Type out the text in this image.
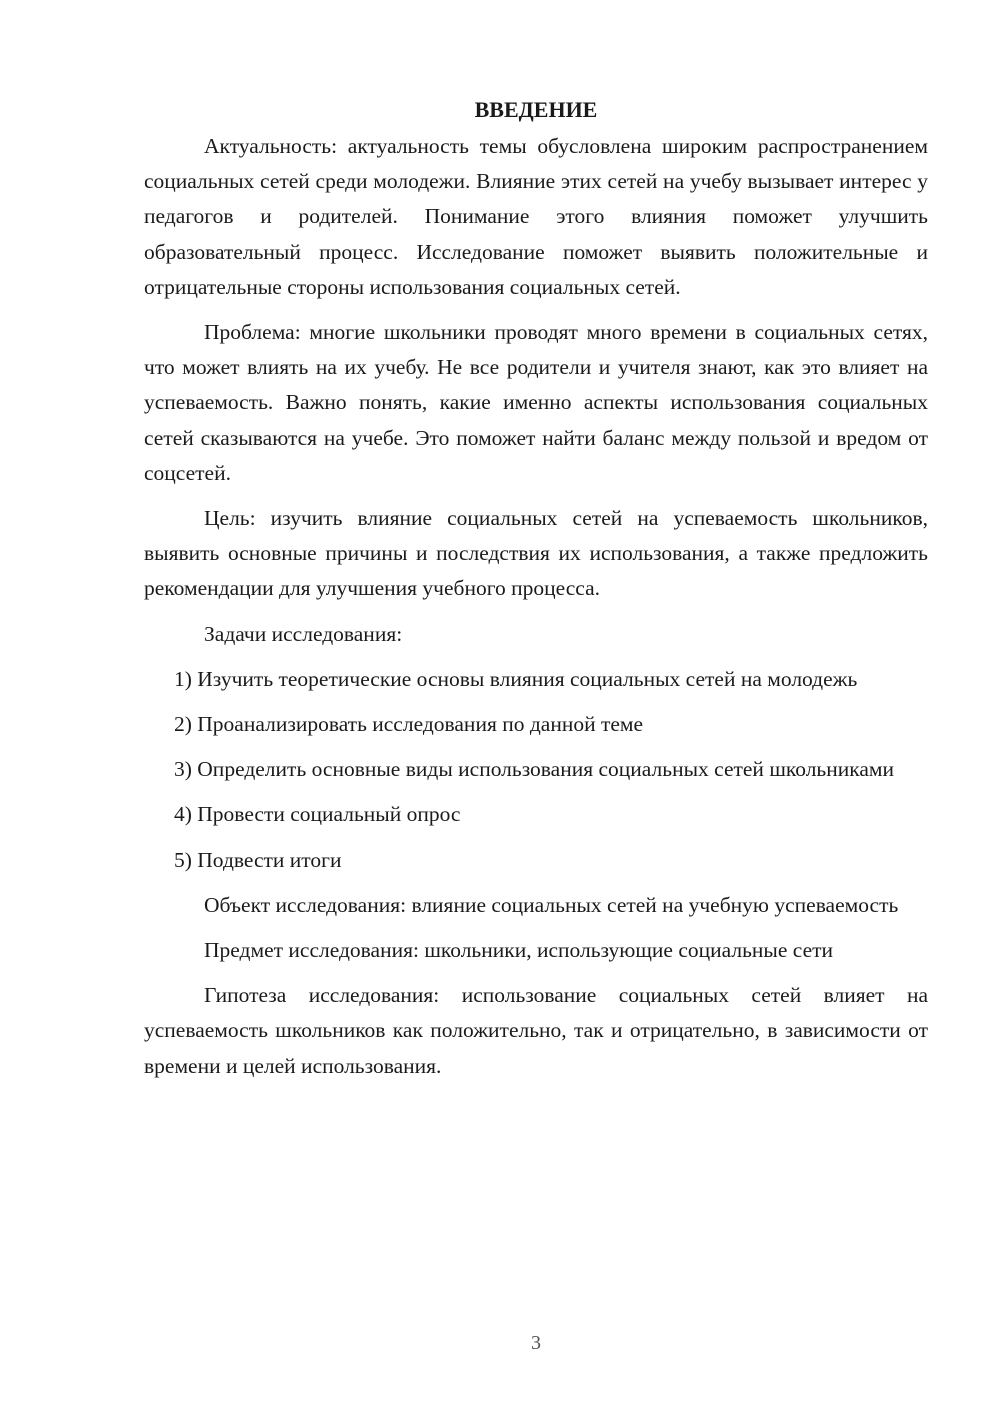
ВВЕДЕНИЕ

Актуальность: актуальность темы обусловлена широким распространением социальных сетей среди молодежи. Влияние этих сетей на учебу вызывает интерес у педагогов и родителей. Понимание этого влияния поможет улучшить образовательный процесс. Исследование поможет выявить положительные и отрицательные стороны использования социальных сетей.

Проблема: многие школьники проводят много времени в социальных сетях, что может влиять на их учебу. Не все родители и учителя знают, как это влияет на успеваемость. Важно понять, какие именно аспекты использования социальных сетей сказываются на учебе. Это поможет найти баланс между пользой и вредом от соцсетей.

Цель: изучить влияние социальных сетей на успеваемость школьников, выявить основные причины и последствия их использования, а также предложить рекомендации для улучшения учебного процесса.

Задачи исследования:

1) Изучить теоретические основы влияния социальных сетей на молодежь

2) Проанализировать исследования по данной теме

3) Определить основные виды использования социальных сетей школьниками

4) Провести социальный опрос

5) Подвести итоги

Объект исследования: влияние социальных сетей на учебную успеваемость

Предмет исследования: школьники, использующие социальные сети

Гипотеза исследования: использование социальных сетей влияет на успеваемость школьников как положительно, так и отрицательно, в зависимости от времени и целей использования.

3
